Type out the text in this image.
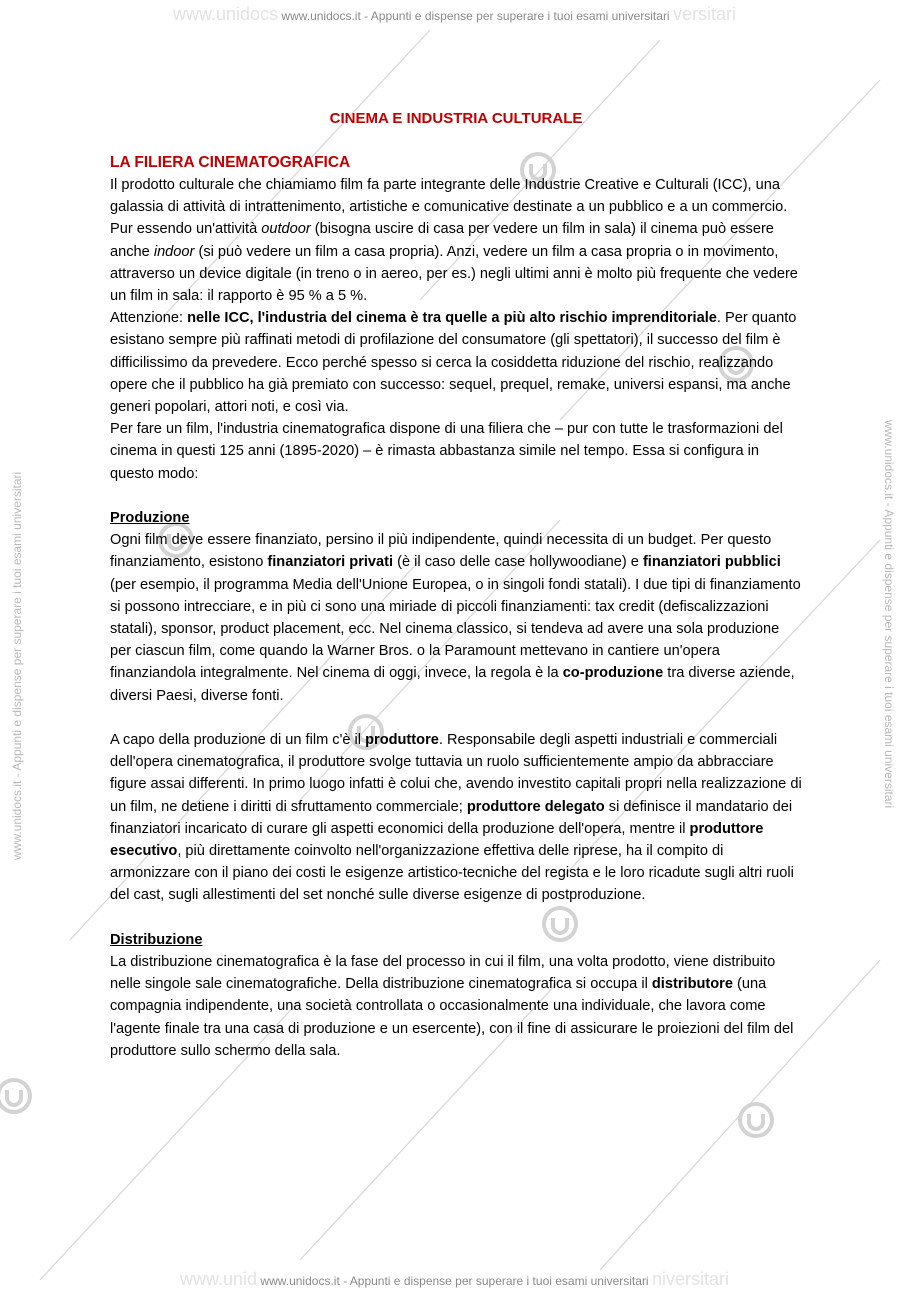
www.unidocs www.unidocs.it - Appunti e dispense per superare i tuoi esami universitari versitari
www.unid www.unidocs.it - Appunti e dispense per superare i tuoi esami universitari niversitari
www.unidocs.it - Appunti e dispense per superare i tuoi esami universitari	www.unidocs.it - Appunti e dispense per superare i tuoi esami universitari
CINEMA E INDUSTRIA CULTURALE
LA FILIERA CINEMATOGRAFICA

Il prodotto culturale che chiamiamo film fa parte integrante delle Industrie Creative e Culturali (ICC), una galassia di attività di intrattenimento, artistiche e comunicative destinate a un pubblico e a un commercio. Pur essendo un'attività outdoor (bisogna uscire di casa per vedere un film in sala) il cinema può essere anche indoor (si può vedere un film a casa propria). Anzi, vedere un film a casa propria o in movimento, attraverso un device digitale (in treno o in aereo, per es.) negli ultimi anni è molto più frequente che vedere un film in sala: il rapporto è 95 % a 5 %.

Attenzione: nelle ICC, l'industria del cinema è tra quelle a più alto rischio imprenditoriale. Per quanto esistano sempre più raffinati metodi di profilazione del consumatore (gli spettatori), il successo del film è difficilissimo da prevedere. Ecco perché spesso si cerca la cosiddetta riduzione del rischio, realizzando opere che il pubblico ha già premiato con successo: sequel, prequel, remake, universi espansi, ma anche generi popolari, attori noti, e così via.

Per fare un film, l'industria cinematografica dispone di una filiera che – pur con tutte le trasformazioni del cinema in questi 125 anni (1895-2020) – è rimasta abbastanza simile nel tempo. Essa si configura in questo modo:

Produzione

Ogni film deve essere finanziato, persino il più indipendente, quindi necessita di un budget. Per questo finanziamento, esistono finanziatori privati (è il caso delle case hollywoodiane) e finanziatori pubblici (per esempio, il programma Media dell'Unione Europea, o in singoli fondi statali). I due tipi di finanziamento si possono intrecciare, e in più ci sono una miriade di piccoli finanziamenti: tax credit (defiscalizzazioni statali), sponsor, product placement, ecc. Nel cinema classico, si tendeva ad avere una sola produzione per ciascun film, come quando la Warner Bros. o la Paramount mettevano in cantiere un'opera finanziandola integralmente. Nel cinema di oggi, invece, la regola è la co-produzione tra diverse aziende, diversi Paesi, diverse fonti.

A capo della produzione di un film c'è il produttore. Responsabile degli aspetti industriali e commerciali dell'opera cinematografica, il produttore svolge tuttavia un ruolo sufficientemente ampio da abbracciare figure assai differenti. In primo luogo infatti è colui che, avendo investito capitali propri nella realizzazione di un film, ne detiene i diritti di sfruttamento commerciale; produttore delegato si definisce il mandatario dei finanziatori incaricato di curare gli aspetti economici della produzione dell'opera, mentre il produttore esecutivo, più direttamente coinvolto nell'organizzazione effettiva delle riprese, ha il compito di armonizzare con il piano dei costi le esigenze artistico-tecniche del regista e le loro ricadute sugli altri ruoli del cast, sugli allestimenti del set nonché sulle diverse esigenze di postproduzione.

Distribuzione

La distribuzione cinematografica è la fase del processo in cui il film, una volta prodotto, viene distribuito nelle singole sale cinematografiche. Della distribuzione cinematografica si occupa il distributore (una compagnia indipendente, una società controllata o occasionalmente una individuale, che lavora come l'agente finale tra una casa di produzione e un esercente), con il fine di assicurare le proiezioni del film del produttore sullo schermo della sala.
